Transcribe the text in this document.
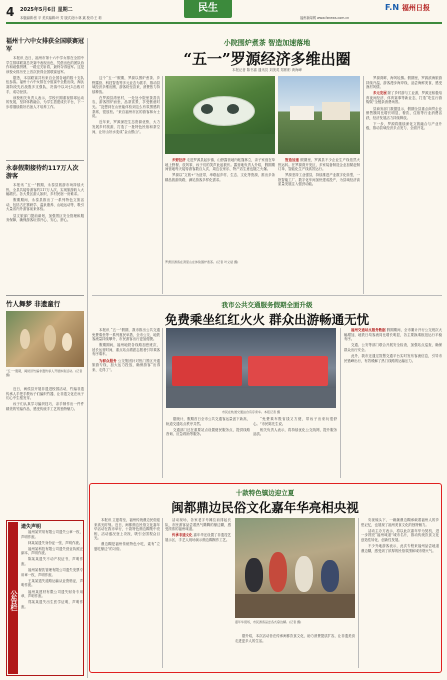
4 2025年5月6日 星期二
本版编辑:张 平 美术编辑:叶 芳 版式设计:林 斌 校对:王 莉
民生	F.N 福州日报
福州新闻网 www.fznews.com.cn
福州十六中女排获全国联赛冠军

本报讯 近日，福州市第十六中学女排在全国中学生排球联赛总决赛中表现出色，凭借出色的团队协作和顽强拼搏，一路过关斩将，最终夺得冠军。这是该校女排历史上首次获得全国联赛冠军。

据悉，本届联赛共有来自全国各地的数十支队伍参赛。福州十六中女排在小组赛中全胜出线，淘汰赛阶段先后战胜多支强队，决赛中以3比1击败对手，成功登顶。

该校相关负责人表示，学校长期重视排球运动的发展，坚持体教融合，为学生搭建成长平台，下一步将继续做好后备人才培养工作。

永泰假期接待约117万人次游客

本报讯 “五一”假期，永泰县旅游市场持续火热，全县共接待游客约117万人次，实现旅游收入大幅增长。各大景区游人如织，乡村民宿一房难求。

假期期间，永泰县推出了一系列特色文旅活动，包括古庄寨研学、温泉康养、山地运动等，吸引大量省内外游客前来体验。

县文旅部门提前谋划，加强景区安全管理和服务保障，确保游客玩得开心、安心、舒心。

竹人舞梦 非遗童行
“五一”假期，闽侯县竹编非遗传承人开展体验活动。(记者 摄)

近日，闽侯县开展非遗进校园活动，竹编非遗传承人手把手教孩子们编织竹器，让非遗文化在孩子们心中生根发芽。

孩子们认真学习编织技巧，亲手制作出一件件精美的竹编作品，感受传统手工艺的独特魅力。

公告栏
遗失声明

福州某贸易有限公司遗失公章一枚，声明作废。

林某某遗失身份证一张，声明作废。

福州某科技有限公司遗失营业执照正副本，声明作废。

陈某某遗失不动产权证书，声明作废。

福州某餐饮管理有限公司遗失发票专用章一枚，声明作废。

王某某遗失道路运输从业资格证，声明作废。

福州某建材有限公司遗失财务专用章，声明作废。

郑某某遗失出生医学证明，声明作废。

小院围炉煮茶 智造加速落地
“五一”罗源经济多维出圈
本报记者 陈书嘉 通讯员 刘美英 郑彬彬 黄海峰

这个“五一”假期，罗源以围炉煮茶、乡野露营、科技智造等多元业态为抓手，推动县域经济多维出圈，游客纷至沓来，消费热力持续释放。

在罗源县湾里村，一处处小院里茶香袅袅，游客围炉而坐，品茶赏景，享受惬意时光。“没想到在山里能体验到这么有氛围感的茶席，很放松。”来自福州市区的游客林女士说。

近年来，罗源深挖生态资源优势，大力发展乡村旅游，打造了一批特色民宿和茶空间，让好山好水变成“金山银山”。

乡野经济 走进罗源县起步镇，山野露营地内帐篷林立，亲子家庭在草地上野餐、放风筝，孩子们的笑声此起彼伏。露营地负责人介绍，假期期间营地每天接待游客数百人次，周边农家乐、特产店生意也随之火爆。

罗源以“文旅+”为纽带，串联起乡村、生态、文化等资源，推出多条精品旅游线路，满足游客多样化需求。

罗源县游客在湾里山庄体验围炉煮茶。(记者 叶义斌 摄)

智造加速 假期里，罗源县不少企业生产线依然火热运转。在罗源湾开发区，多家装备制造企业加紧赶制订单，智能化生产线高效运行。

罗源坚持工业强县，持续推进产业数字化转型，一批智能工厂、数字化车间加快建成投产，为县域经济高质量发展注入强劲动能。

罗源湾畔，海风轻拂。假期里，罗源滨海旅游持续升温，游客漫步海岸线，品尝海鲜美食，感受渔村风情。

多元发展 除了乡村游与工业游，罗源还积极培育夜间经济、体育赛事等新业态，打造“吃住行游购娱”全链条消费场景。

县商务部门数据显示，假期全县重点商贸企业销售额同比增长明显，餐饮、住宿等行业消费活跃，经济发展活力持续释放。

下一步，罗源将继续深化文旅融合与产业升级，推动县域经济多点发力、全面开花。

我市公共交通服务假期全面升级
免费乘坐红红火火 群众出游畅通无忧

本报讯 “五一”假期，我市推出公共交通免费乘坐等一系列惠民举措，全市公交、地铁客流量持续攀升，市民游客出行更加便捷。

假期期间，福州地铁各线路加密班次，延长运营时间，重点站点增派志愿者引导乘客有序乘车。

为群众服务 公交集团针对热门景区开通旅游专线，加大运力投放，确保游客“出得来、走得了”。

市民在轨道交通站台有序乘车。本报记者 摄

据统计，假期首日全市公共交通客运量创下新高，轨道交通站点秩序井然。

交通部门还在重要站点设置便民服务点，提供线路咨询、应急救助等服务。

“免费乘车既省钱又方便，带孩子出来玩很舒心。”市民陈先生说。

相关负责人表示，将持续优化公交线网，提升服务品质。

福州交通站点服务数据 假期期间，全市累计开行公交班次大幅增加，地铁日均客流同比增长明显，各主要换乘枢纽运行平稳有序。

交通、公安等部门联合开展安全检查，加强站点巡查，确保群众出行安全。

此外，我市还通过智慧交通平台实时发布客流信息，引导市民错峰出行，有效缓解了热门线路的运输压力。

十款特色镇边迎立夏
闽都鼎边民俗文化嘉年华亮相央视

本报讯 立夏将至，福州传统鼎边民俗迎来高光时刻。近日，闽都鼎边民俗文化嘉年华活动在我市举行，十款特色鼎边糊集中亮相，活动盛况登上央视，吸引全国观众目光。

鼎边糊是福州传统特色小吃，素有“立夏吃鼎边”的习俗。

活动现场，各家老字号摊位前排起长队，市民游客品尝着热气腾腾的鼎边糊，感受浓浓的福州味道。

传承非遗文化 嘉年华还设置了非遗技艺展示区，手艺人现场演示鼎边糊制作工艺。

嘉年华现场，市民游客品尝各式鼎边糊。(记者 摄)

据介绍，本次活动旨在传承闽都饮食文化，助力消费提质扩容，让非遗美食走进更多人的生活。

央视镜头下，一碗碗鼎边糊承载着福州人的乡愁记忆，也展现了福州美食文化的独特魅力。

活动主办方表示，将以此次嘉年华为契机，进一步擦亮“福州味道”城市名片，推动传统饮食文化创造性转化、创新性发展。

不少外地游客表示，此次专程来福州品尝地道鼎边糊，感受到了浓厚的民俗氛围和城市烟火气。
